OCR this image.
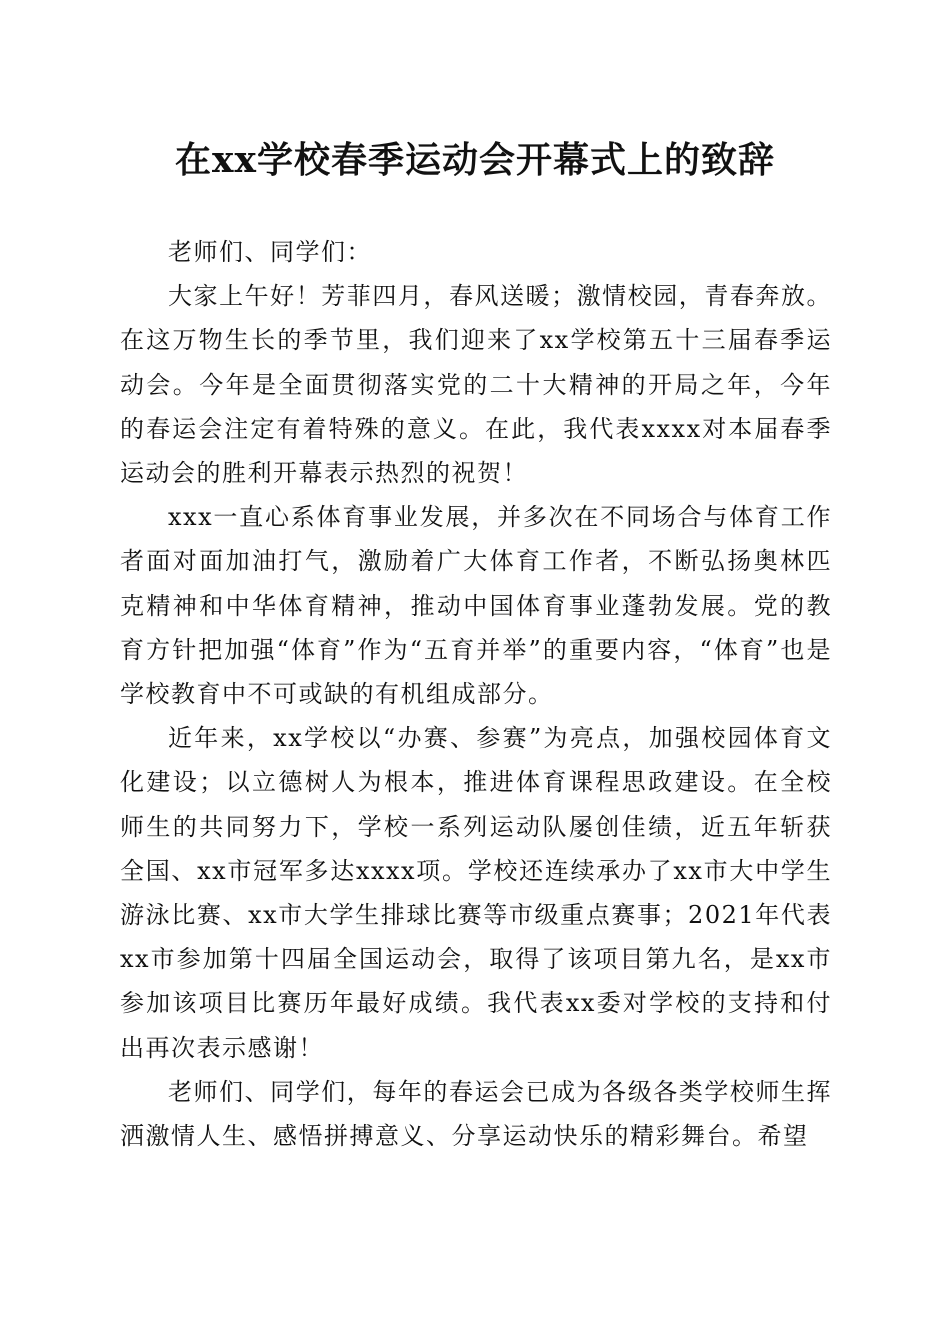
在xx学校春季运动会开幕式上的致辞

老师们、同学们：

大家上午好！芳菲四月，春风送暖；激情校园，青春奔放。在这万物生长的季节里，我们迎来了xx学校第五十三届春季运动会。今年是全面贯彻落实党的二十大精神的开局之年，今年的春运会注定有着特殊的意义。在此，我代表xxxx对本届春季运动会的胜利开幕表示热烈的祝贺！

xxx一直心系体育事业发展，并多次在不同场合与体育工作者面对面加油打气，激励着广大体育工作者，不断弘扬奥林匹克精神和中华体育精神，推动中国体育事业蓬勃发展。党的教育方针把加强“体育”作为“五育并举”的重要内容，“体育”也是学校教育中不可或缺的有机组成部分。

近年来，xx学校以“办赛、参赛”为亮点，加强校园体育文化建设；以立德树人为根本，推进体育课程思政建设。在全校师生的共同努力下，学校一系列运动队屡创佳绩，近五年斩获全国、xx市冠军多达xxxx项。学校还连续承办了xx市大中学生游泳比赛、xx市大学生排球比赛等市级重点赛事；2021年代表xx市参加第十四届全国运动会，取得了该项目第九名，是xx市参加该项目比赛历年最好成绩。我代表xx委对学校的支持和付出再次表示感谢！

老师们、同学们，每年的春运会已成为各级各类学校师生挥洒激情人生、感悟拼搏意义、分享运动快乐的精彩舞台。希望
